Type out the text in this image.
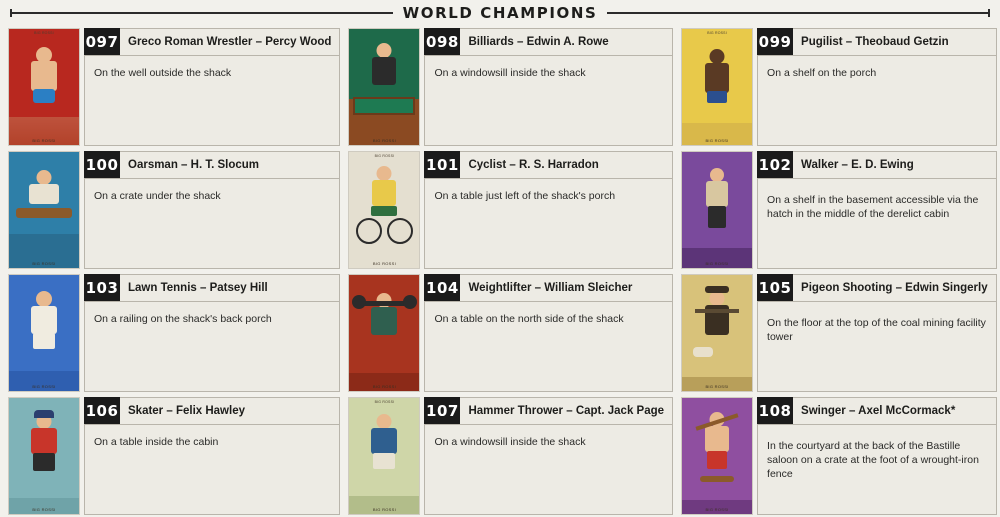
WORLD CHAMPIONS
BIG ROSSI
BIG ROSSI
097 Greco Roman Wrestler – Percy Wood
On the well outside the shack
BIG ROSSI
098 Billiards – Edwin A. Rowe
On a windowsill inside the shack
BIG ROSSI
BIG ROSSI
099 Pugilist – Theobaud Getzin
On a shelf on the porch
BIG ROSSI
100 Oarsman – H. T. Slocum
On a crate under the shack
BIG ROSSI
BIG ROSSI
101 Cyclist – R. S. Harradon
On a table just left of the shack's porch
BIG ROSSI
102 Walker – E. D. Ewing
On a shelf in the basement accessible via the hatch in the middle of the derelict cabin
BIG ROSSI
103 Lawn Tennis – Patsey Hill
On a railing on the shack's back porch
BIG ROSSI
104 Weightlifter – William Sleicher
On a table on the north side of the shack
BIG ROSSI
105 Pigeon Shooting – Edwin Singerly
On the floor at the top of the coal mining facility tower
BIG ROSSI
106 Skater – Felix Hawley
On a table inside the cabin
BIG ROSSI
BIG ROSSI
107 Hammer Thrower – Capt. Jack Page
On a windowsill inside the shack
BIG ROSSI
108 Swinger – Axel McCormack*
In the courtyard at the back of the Bastille saloon on a crate at the foot of a wrought-iron fence
